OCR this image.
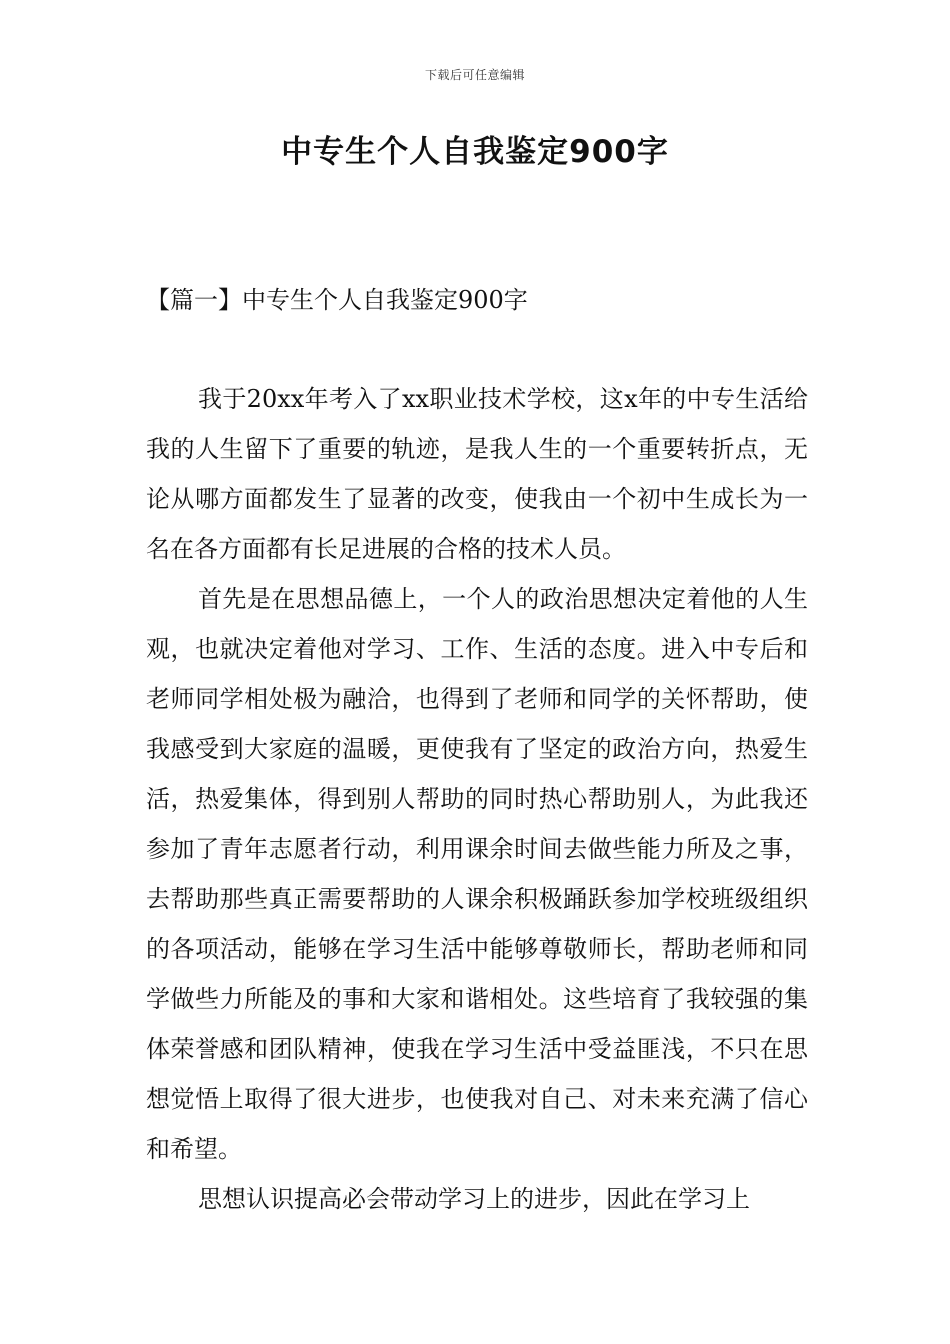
下载后可任意编辑
中专生个人自我鉴定900字
【篇一】中专生个人自我鉴定900字

我于20xx年考入了xx职业技术学校，这x年的中专生活给我的人生留下了重要的轨迹，是我人生的一个重要转折点，无论从哪方面都发生了显著的改变，使我由一个初中生成长为一名在各方面都有长足进展的合格的技术人员。

首先是在思想品德上，一个人的政治思想决定着他的人生观，也就决定着他对学习、工作、生活的态度。进入中专后和老师同学相处极为融洽，也得到了老师和同学的关怀帮助，使我感受到大家庭的温暖，更使我有了坚定的政治方向，热爱生活，热爱集体，得到别人帮助的同时热心帮助别人，为此我还参加了青年志愿者行动，利用课余时间去做些能力所及之事，去帮助那些真正需要帮助的人课余积极踊跃参加学校班级组织的各项活动，能够在学习生活中能够尊敬师长，帮助老师和同学做些力所能及的事和大家和谐相处。这些培育了我较强的集体荣誉感和团队精神，使我在学习生活中受益匪浅，不只在思想觉悟上取得了很大进步，也使我对自己、对未来充满了信心和希望。

思想认识提高必会带动学习上的进步，因此在学习上
